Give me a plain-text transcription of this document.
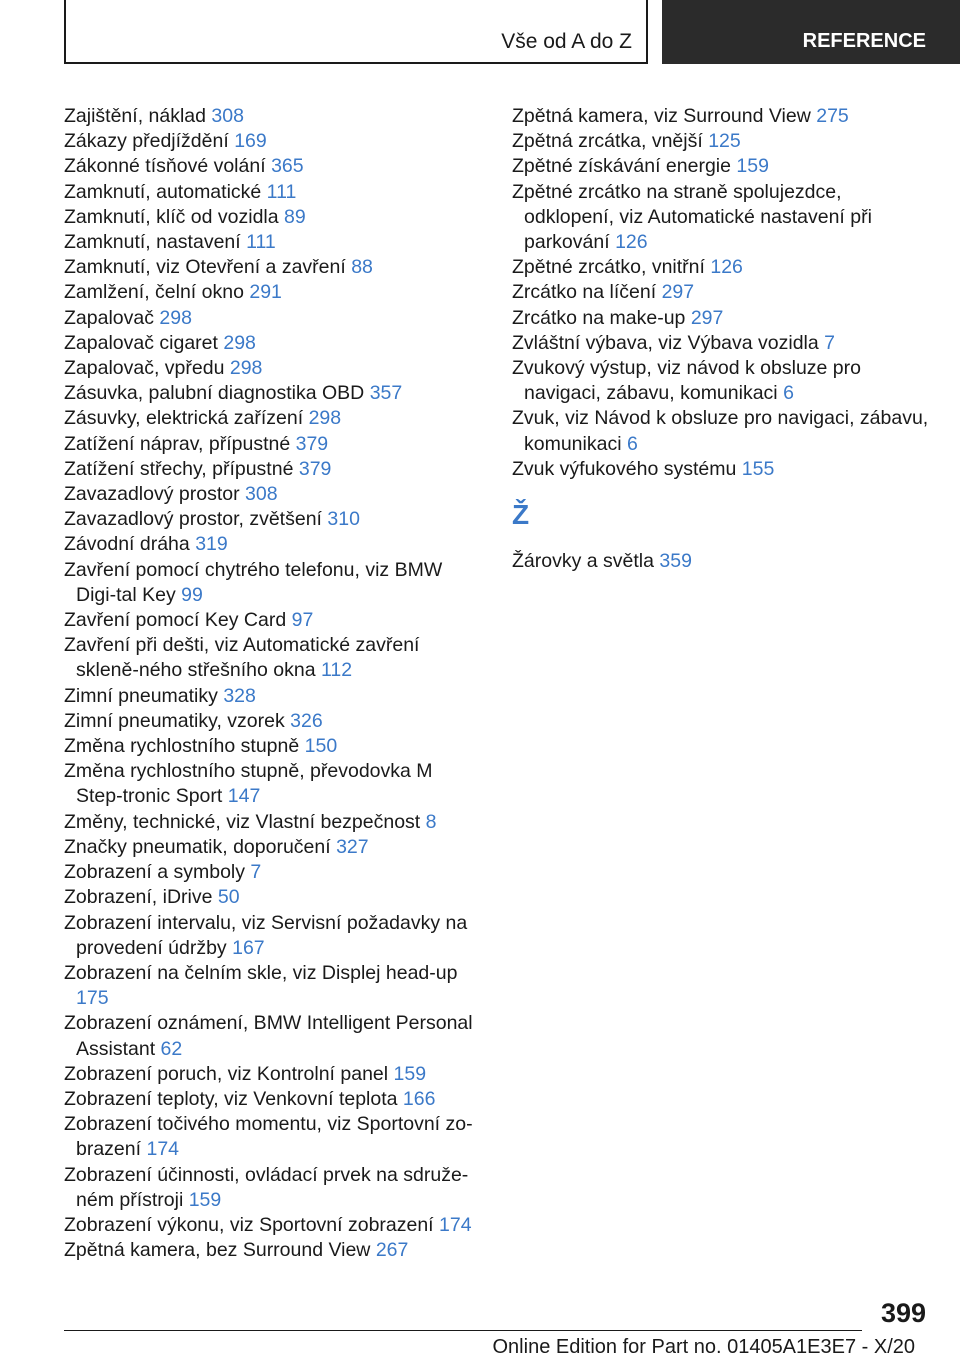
Vše od A do Z	REFERENCE

Zajištění, náklad 308

Zákazy předjíždění 169

Zákonné tísňové volání 365

Zamknutí, automatické 111

Zamknutí, klíč od vozidla 89

Zamknutí, nastavení 111

Zamknutí, viz Otevření a zavření 88

Zamlžení, čelní okno 291

Zapalovač 298

Zapalovač cigaret 298

Zapalovač, vpředu 298

Zásuvka, palubní diagnostika OBD 357

Zásuvky, elektrická zařízení 298

Zatížení náprav, přípustné 379

Zatížení střechy, přípustné 379

Zavazadlový prostor 308

Zavazadlový prostor, zvětšení 310

Závodní dráha 319

Zavření pomocí chytrého telefonu, viz BMW Digi-tal Key 99

Zavření pomocí Key Card 97

Zavření při dešti, viz Automatické zavření skleně-ného střešního okna 112

Zimní pneumatiky 328

Zimní pneumatiky, vzorek 326

Změna rychlostního stupně 150

Změna rychlostního stupně, převodovka M Step-tronic Sport 147

Změny, technické, viz Vlastní bezpečnost 8

Značky pneumatik, doporučení 327

Zobrazení a symboly 7

Zobrazení, iDrive 50

Zobrazení intervalu, viz Servisní požadavky na provedení údržby 167

Zobrazení na čelním skle, viz Displej head-up 175

Zobrazení oznámení, BMW Intelligent Personal Assistant 62

Zobrazení poruch, viz Kontrolní panel 159

Zobrazení teploty, viz Venkovní teplota 166

Zobrazení točivého momentu, viz Sportovní zo-brazení 174

Zobrazení účinnosti, ovládací prvek na sdruže-ném přístroji 159

Zobrazení výkonu, viz Sportovní zobrazení 174

Zpětná kamera, bez Surround View 267

Zpětná kamera, viz Surround View 275

Zpětná zrcátka, vnější 125

Zpětné získávání energie 159

Zpětné zrcátko na straně spolujezdce, odklopení, viz Automatické nastavení při parkování 126

Zpětné zrcátko, vnitřní 126

Zrcátko na líčení 297

Zrcátko na make-up 297

Zvláštní výbava, viz Výbava vozidla 7

Zvukový výstup, viz návod k obsluze pro navigaci, zábavu, komunikaci 6

Zvuk, viz Návod k obsluze pro navigaci, zábavu, komunikaci 6

Zvuk výfukového systému 155

Ž

Žárovky a světla 359

399
Online Edition for Part no. 01405A1E3E7 - X/20
